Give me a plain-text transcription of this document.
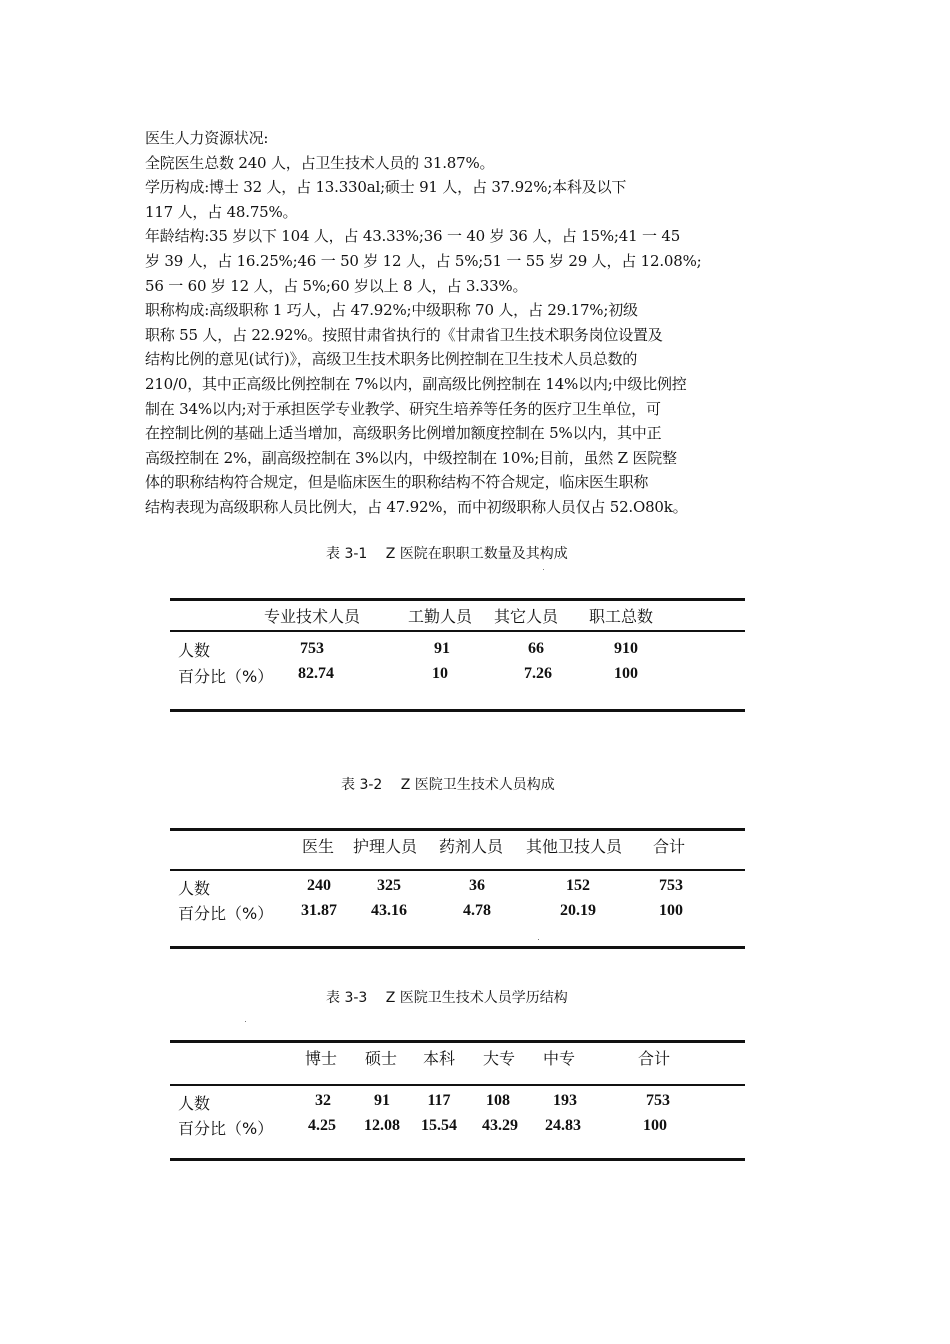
医生人力资源状况:
全院医生总数 240 人，占卫生技术人员的 31.87%。
学历构成:博士 32 人，占 13.330al;硕士 91 人，占 37.92%;本科及以下
117 人，占 48.75%。
年龄结构:35 岁以下 104 人，占 43.33%;36 一 40 岁 36 人，占 15%;41 一 45
岁 39 人，占 16.25%;46 一 50 岁 12 人，占 5%;51 一 55 岁 29 人，占 12.08%;
56 一 60 岁 12 人，占 5%;60 岁以上 8 人，占 3.33%。
职称构成:高级职称 1 巧人，占 47.92%;中级职称 70 人，占 29.17%;初级
职称 55 人，占 22.92%。按照甘肃省执行的《甘肃省卫生技术职务岗位设置及
结构比例的意见(试行)》，高级卫生技术职务比例控制在卫生技术人员总数的
210/0，其中正高级比例控制在 7%以内，副高级比例控制在 14%以内;中级比例控
制在 34%以内;对于承担医学专业教学、研究生培养等任务的医疗卫生单位，可
在控制比例的基础上适当增加，高级职务比例增加额度控制在 5%以内，其中正
高级控制在 2%，副高级控制在 3%以内，中级控制在 10%;目前，虽然 Z 医院整
体的职称结构符合规定，但是临床医生的职称结构不符合规定，临床医生职称
结构表现为高级职称人员比例大，占 47.92%，而中初级职称人员仅占 52.O80k。
表 3-1　 Z 医院在职职工数量及其构成
专业技术人员	工勤人员 其它人员 职工总数
人数	753	91	66	910
百分比（%） 82.74	10	7.26	100
表 3-2　 Z 医院卫生技术人员构成
医生 护理人员 药剂人员 其他卫技人员 合计
人数	240	325	36	152	753
百分比（%） 31.87 43.16	4.78	20.19	100
表 3-3　 Z 医院卫生技术人员学历结构
博士 硕士 本科 大专 中专	合计
人数	32	91 117 108	193	753
百分比（%） 4.25 12.08 15.54 43.29 24.83	100
